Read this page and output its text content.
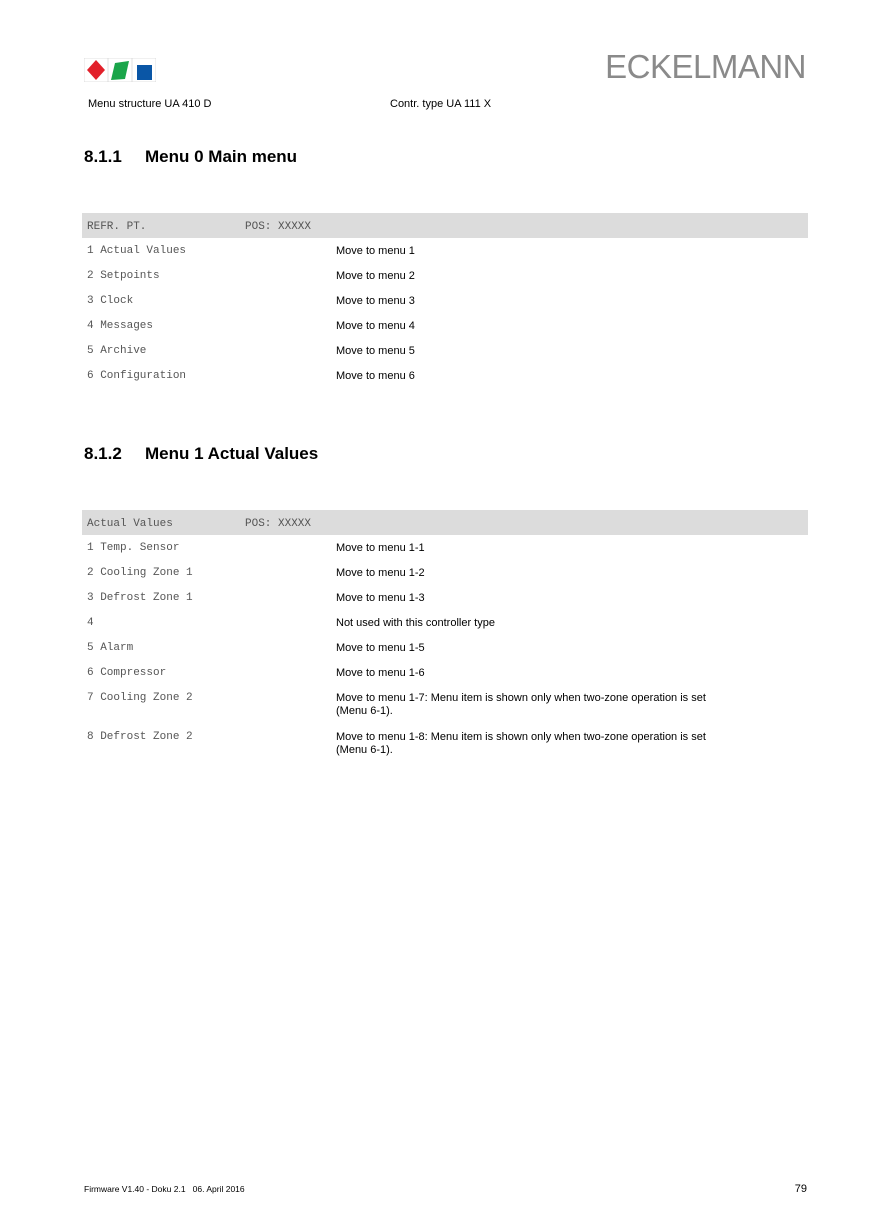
ECKELMANN
Menu structure UA 410 D	Contr. type UA 111 X
8.1.1 Menu 0 Main menu
REFR. PT.	POS: XXXXX
1 Actual Values	Move to menu 1
2 Setpoints	Move to menu 2
3 Clock	Move to menu 3
4 Messages	Move to menu 4
5 Archive	Move to menu 5
6 Configuration	Move to menu 6
8.1.2 Menu 1 Actual Values
Actual Values	POS: XXXXX
1 Temp. Sensor	Move to menu 1-1
2 Cooling Zone 1	Move to menu 1-2
3 Defrost Zone 1	Move to menu 1-3
4	Not used with this controller type
5 Alarm	Move to menu 1-5
6 Compressor	Move to menu 1-6
7 Cooling Zone 2	Move to menu 1-7: Menu item is shown only when two-zone operation is set (Menu 6-1).
8 Defrost Zone 2	Move to menu 1-8: Menu item is shown only when two-zone operation is set (Menu 6-1).
Firmware V1.40 - Doku 2.1   06. April 2016	79
